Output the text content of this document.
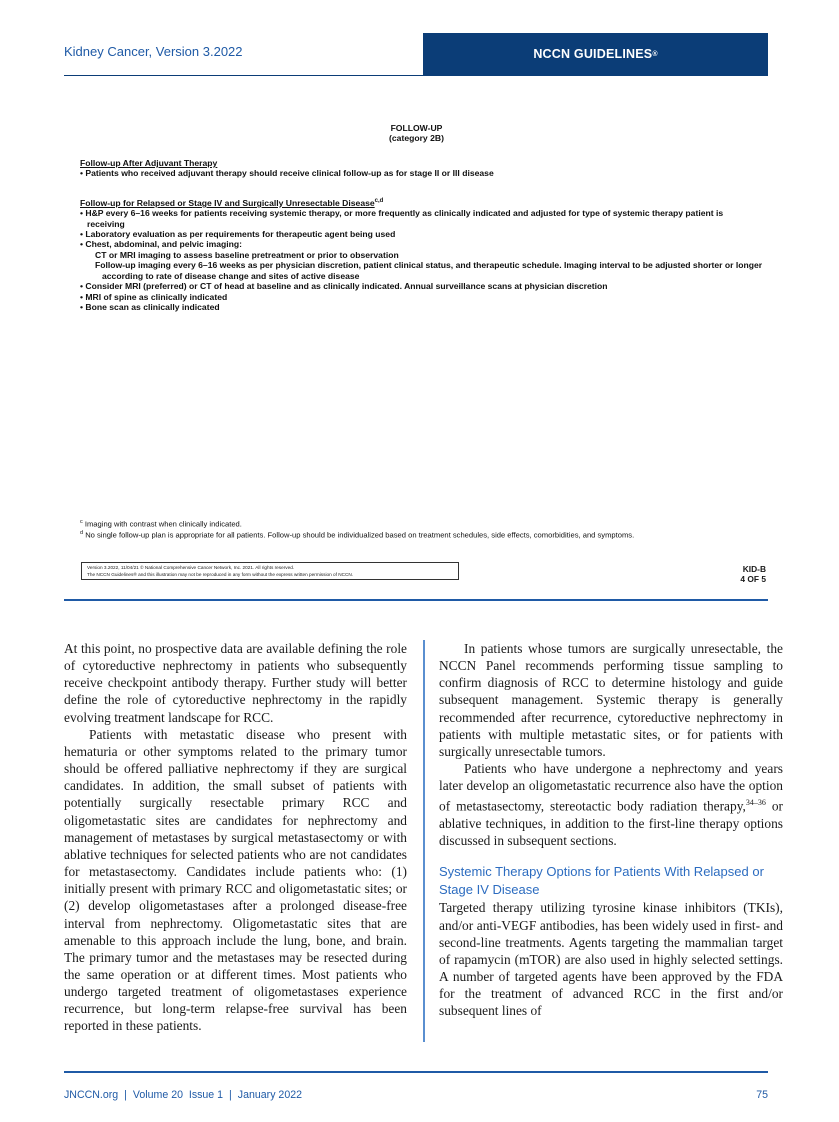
Kidney Cancer, Version 3.2022	NCCN GUIDELINES ®
FOLLOW-UP
(category 2B)
Follow-up After Adjuvant Therapy
• Patients who received adjuvant therapy should receive clinical follow-up as for stage II or III disease
Follow-up for Relapsed or Stage IV and Surgically Unresectable Disease$^{c,d}$
• H&P every 6–16 weeks for patients receiving systemic therapy, or more frequently as clinically indicated and adjusted for type of systemic therapy patient is receiving
• Laboratory evaluation as per requirements for therapeutic agent being used
• Chest, abdominal, and pelvic imaging:
CT or MRI imaging to assess baseline pretreatment or prior to observation
Follow-up imaging every 6–16 weeks as per physician discretion, patient clinical status, and therapeutic schedule. Imaging interval to be adjusted shorter or longer according to rate of disease change and sites of active disease
• Consider MRI (preferred) or CT of head at baseline and as clinically indicated. Annual surveillance scans at physician discretion
• MRI of spine as clinically indicated
• Bone scan as clinically indicated
$^c$ Imaging with contrast when clinically indicated.
$^d$ No single follow-up plan is appropriate for all patients. Follow-up should be individualized based on treatment schedules, side effects, comorbidities, and symptoms.
Version 3.2022, 11/04/21 © National Comprehensive Cancer Network, Inc. 2021. All rights reserved.
The NCCN Guidelines® and this illustration may not be reproduced in any form without the express written permission of NCCN.
KID-B
4 OF 5

At this point, no prospective data are available defining the role of cytoreductive nephrectomy in patients who subsequently receive checkpoint antibody therapy. Further study will better define the role of cytoreductive nephrectomy in the rapidly evolving treatment landscape for RCC.

Patients with metastatic disease who present with hematuria or other symptoms related to the primary tumor should be offered palliative nephrectomy if they are surgical candidates. In addition, the small subset of patients with potentially surgically resectable primary RCC and oligometastatic sites are candidates for nephrectomy and management of metastases by surgical metastasectomy or with ablative techniques for selected patients who are not candidates for metastasectomy. Candidates include patients who: (1) initially present with primary RCC and oligometastatic sites; or (2) develop oligometastases after a prolonged disease-free interval from nephrectomy. Oligometastatic sites that are amenable to this approach include the lung, bone, and brain. The primary tumor and the metastases may be resected during the same operation or at different times. Most patients who undergo targeted treatment of oligometastases experience recurrence, but long-term relapse-free survival has been reported in these patients.

In patients whose tumors are surgically unresectable, the NCCN Panel recommends performing tissue sampling to confirm diagnosis of RCC to determine histology and guide subsequent management. Systemic therapy is generally recommended after recurrence, cytoreductive nephrectomy in patients with multiple metastatic sites, or for patients with surgically unresectable tumors.

Patients who have undergone a nephrectomy and years later develop an oligometastatic recurrence also have the option of metastasectomy, stereotactic body radiation therapy,$^{34-36}$ or ablative techniques, in addition to the first-line therapy options discussed in subsequent sections.

Systemic Therapy Options for Patients With Relapsed or Stage IV Disease

Targeted therapy utilizing tyrosine kinase inhibitors (TKIs), and/or anti-VEGF antibodies, has been widely used in first- and second-line treatments. Agents targeting the mammalian target of rapamycin (mTOR) are also used in highly selected settings. A number of targeted agents have been approved by the FDA for the treatment of advanced RCC in the first and/or subsequent lines of

JNCCN.org | Volume 20 Issue 1 | January 2022	75
